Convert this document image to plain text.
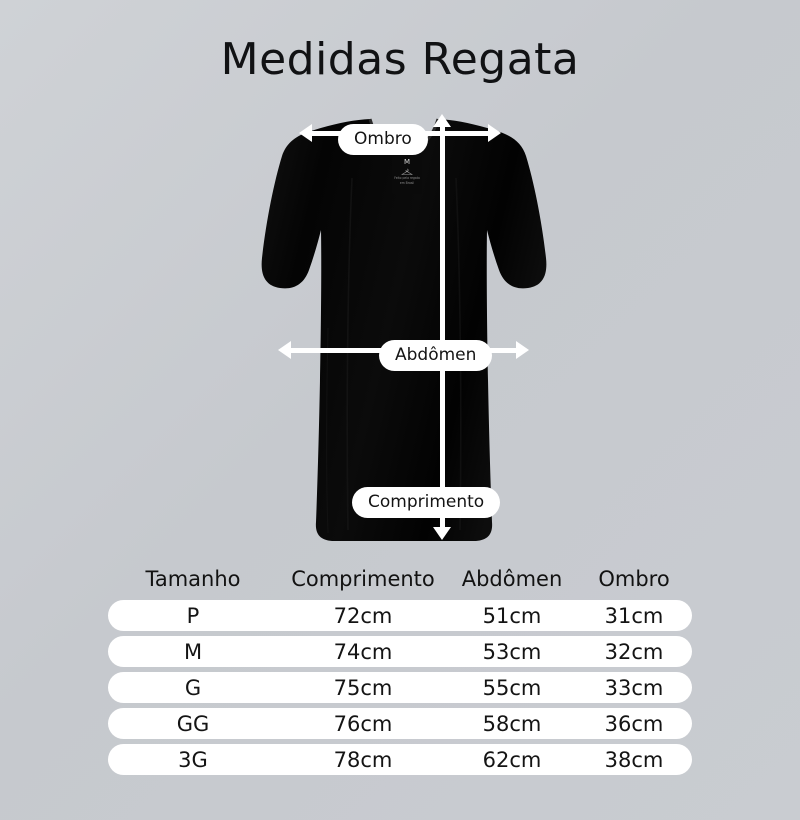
Medidas Regata
M
Feito pela regata
em Brasil
Ombro
Comprimento
Abdômen
Tamanho	Comprimento	Abdômen	Ombro
P	72cm	51cm	31cm
M	74cm	53cm	32cm
G	75cm	55cm	33cm
GG	76cm	58cm	36cm
3G	78cm	62cm	38cm
